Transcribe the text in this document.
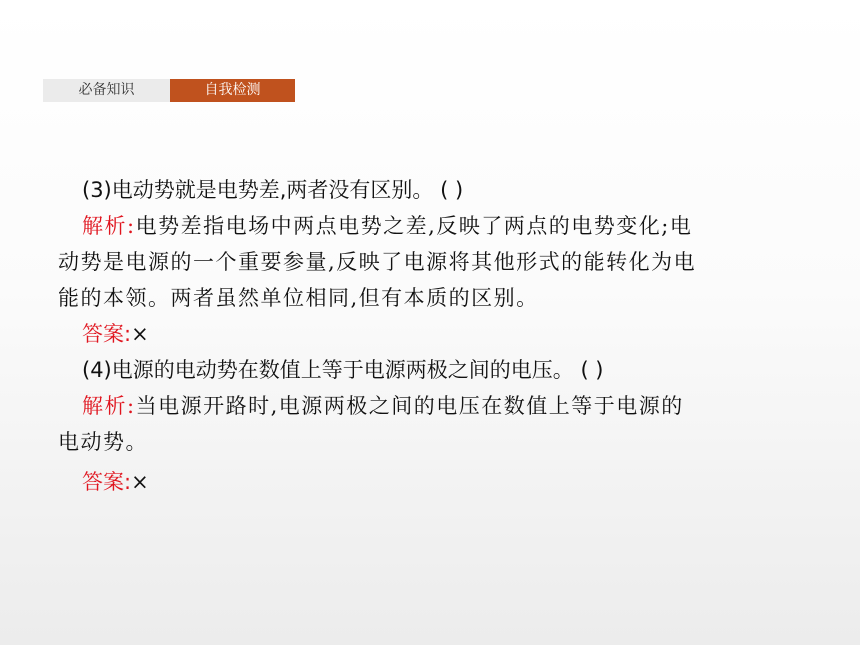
必备知识	自我检测
(3)电动势就是电势差,两者没有区别。 ( )
解析:电势差指电场中两点电势之差,反映了两点的电势变化;电
动势是电源的一个重要参量,反映了电源将其他形式的能转化为电
能的本领。两者虽然单位相同,但有本质的区别。
答案:×
(4)电源的电动势在数值上等于电源两极之间的电压。 ( )
解析:当电源开路时,电源两极之间的电压在数值上等于电源的
电动势。
答案:×
